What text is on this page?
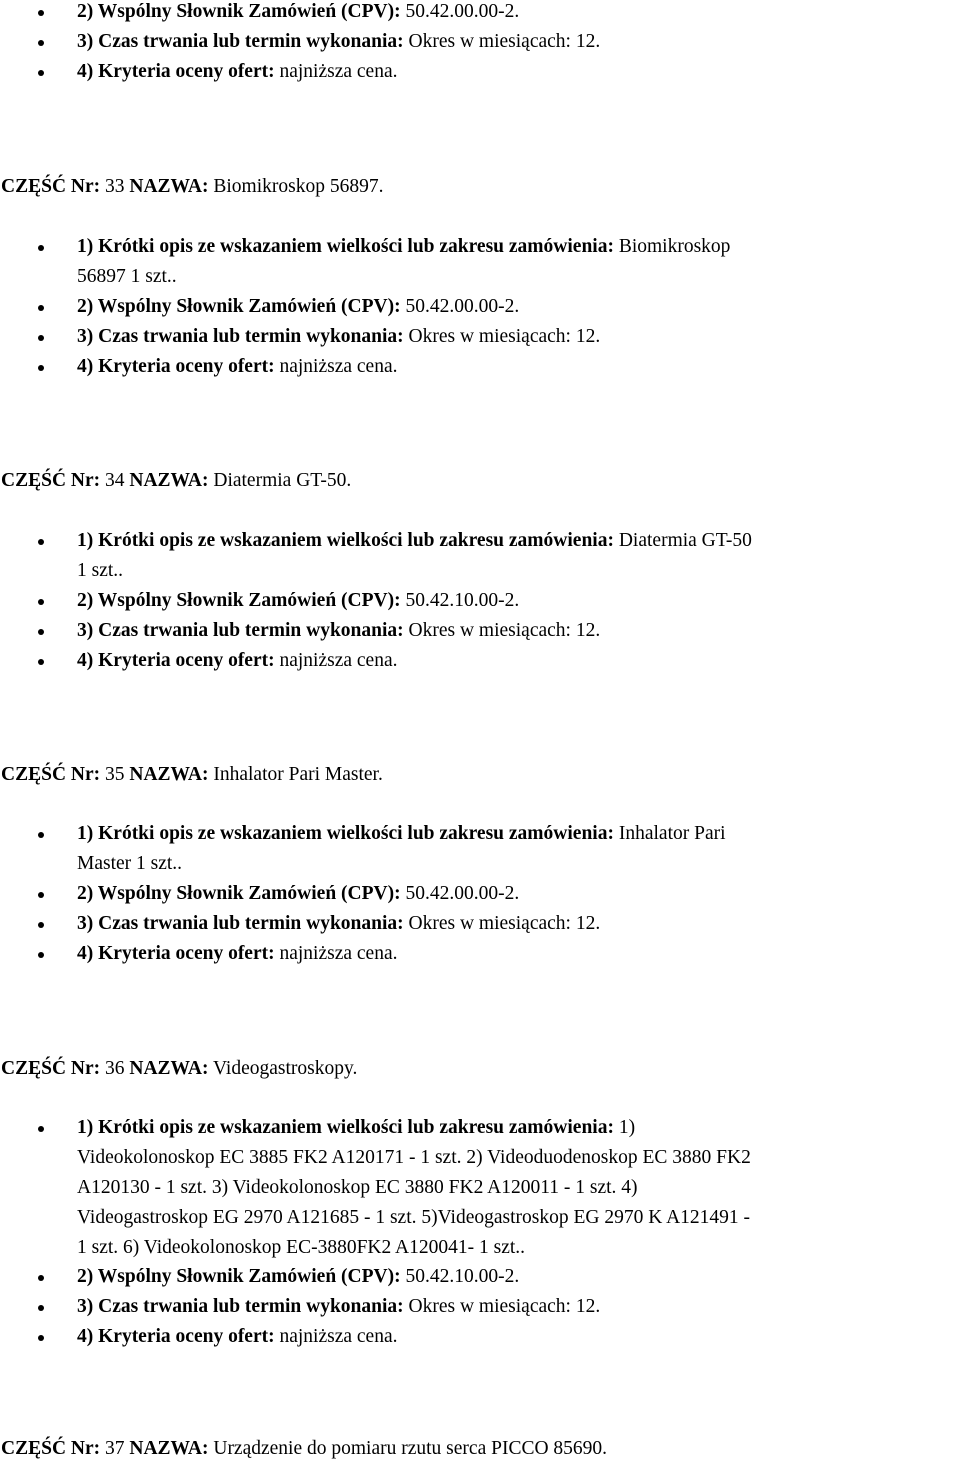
2) Wspólny Słownik Zamówień (CPV): 50.42.00.00-2.
3) Czas trwania lub termin wykonania: Okres w miesiącach: 12.
4) Kryteria oceny ofert: najniższa cena.
CZĘŚĆ Nr: 33 NAZWA: Biomikroskop 56897.
1) Krótki opis ze wskazaniem wielkości lub zakresu zamówienia: Biomikroskop
56897 1 szt..
2) Wspólny Słownik Zamówień (CPV): 50.42.00.00-2.
3) Czas trwania lub termin wykonania: Okres w miesiącach: 12.
4) Kryteria oceny ofert: najniższa cena.
CZĘŚĆ Nr: 34 NAZWA: Diatermia GT-50.
1) Krótki opis ze wskazaniem wielkości lub zakresu zamówienia: Diatermia GT-50
1 szt..
2) Wspólny Słownik Zamówień (CPV): 50.42.10.00-2.
3) Czas trwania lub termin wykonania: Okres w miesiącach: 12.
4) Kryteria oceny ofert: najniższa cena.
CZĘŚĆ Nr: 35 NAZWA: Inhalator Pari Master.
1) Krótki opis ze wskazaniem wielkości lub zakresu zamówienia: Inhalator Pari
Master 1 szt..
2) Wspólny Słownik Zamówień (CPV): 50.42.00.00-2.
3) Czas trwania lub termin wykonania: Okres w miesiącach: 12.
4) Kryteria oceny ofert: najniższa cena.
CZĘŚĆ Nr: 36 NAZWA: Videogastroskopy.
1) Krótki opis ze wskazaniem wielkości lub zakresu zamówienia: 1)
Videokolonoskop EC 3885 FK2 A120171 - 1 szt. 2) Videoduodenoskop EC 3880 FK2
A120130 - 1 szt. 3) Videokolonoskop EC 3880 FK2 A120011 - 1 szt. 4)
Videogastroskop EG 2970 A121685 - 1 szt. 5)Videogastroskop EG 2970 K A121491 -
1 szt. 6) Videokolonoskop EC-3880FK2 A120041- 1 szt..
2) Wspólny Słownik Zamówień (CPV): 50.42.10.00-2.
3) Czas trwania lub termin wykonania: Okres w miesiącach: 12.
4) Kryteria oceny ofert: najniższa cena.
CZĘŚĆ Nr: 37 NAZWA: Urządzenie do pomiaru rzutu serca PICCO 85690.
